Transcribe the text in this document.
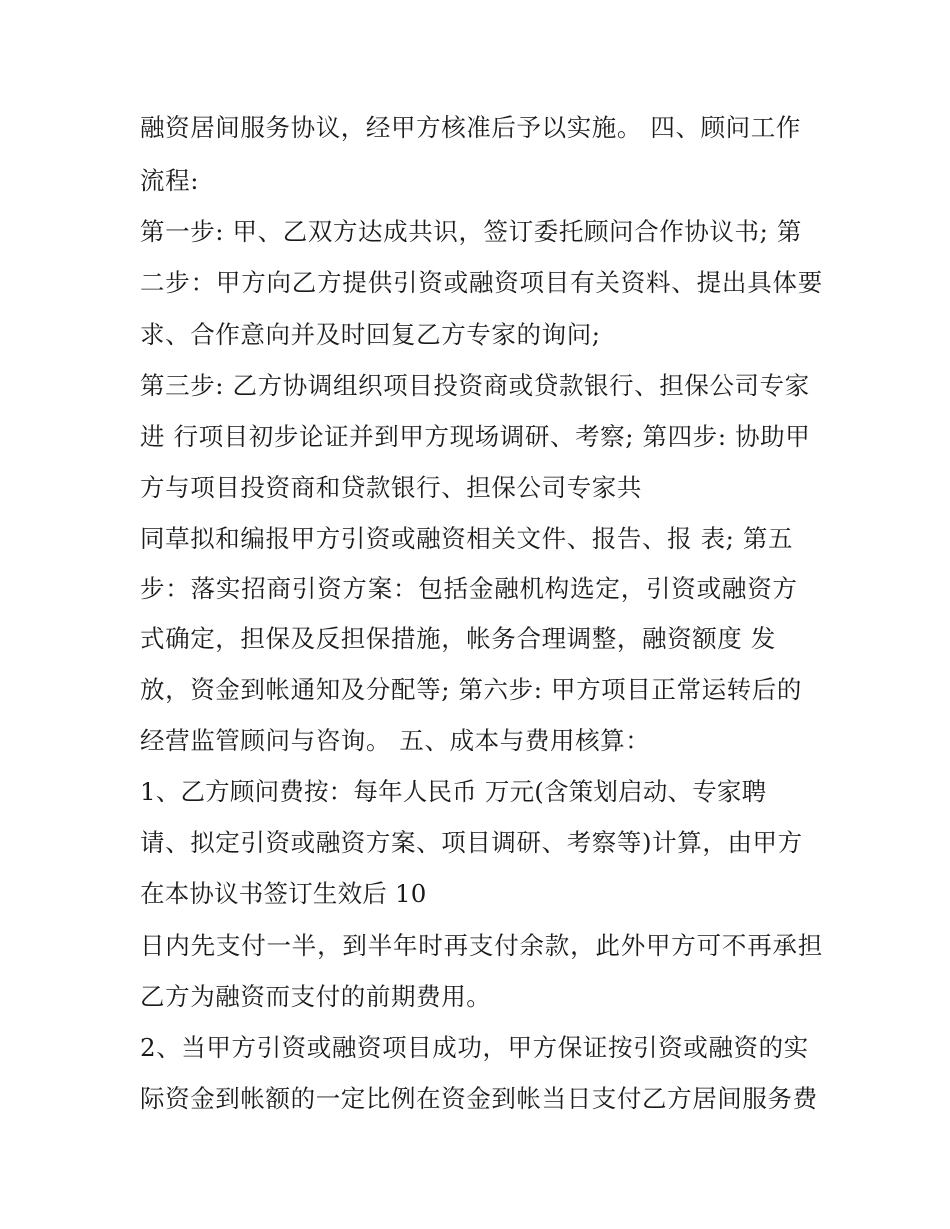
融资居间服务协议，经甲方核准后予以实施。 四、顾问工作
流程:
第一步: 甲、乙双方达成共识，签订委托顾问合作协议书; 第
二步：甲方向乙方提供引资或融资项目有关资料、提出具体要
求、合作意向并及时回复乙方专家的询问;
第三步: 乙方协调组织项目投资商或贷款银行、担保公司专家
进 行项目初步论证并到甲方现场调研、考察; 第四步: 协助甲
方与项目投资商和贷款银行、担保公司专家共
同草拟和编报甲方引资或融资相关文件、报告、报 表; 第五
步：落实招商引资方案：包括金融机构选定，引资或融资方
式确定，担保及反担保措施，帐务合理调整，融资额度 发
放，资金到帐通知及分配等; 第六步: 甲方项目正常运转后的
经营监管顾问与咨询。 五、成本与费用核算：
1、乙方顾问费按：每年人民币 万元(含策划启动、专家聘
请、拟定引资或融资方案、项目调研、考察等)计算，由甲方
在本协议书签订生效后 10
日内先支付一半，到半年时再支付余款，此外甲方可不再承担
乙方为融资而支付的前期费用。
2、当甲方引资或融资项目成功，甲方保证按引资或融资的实
际资金到帐额的一定比例在资金到帐当日支付乙方居间服务费
